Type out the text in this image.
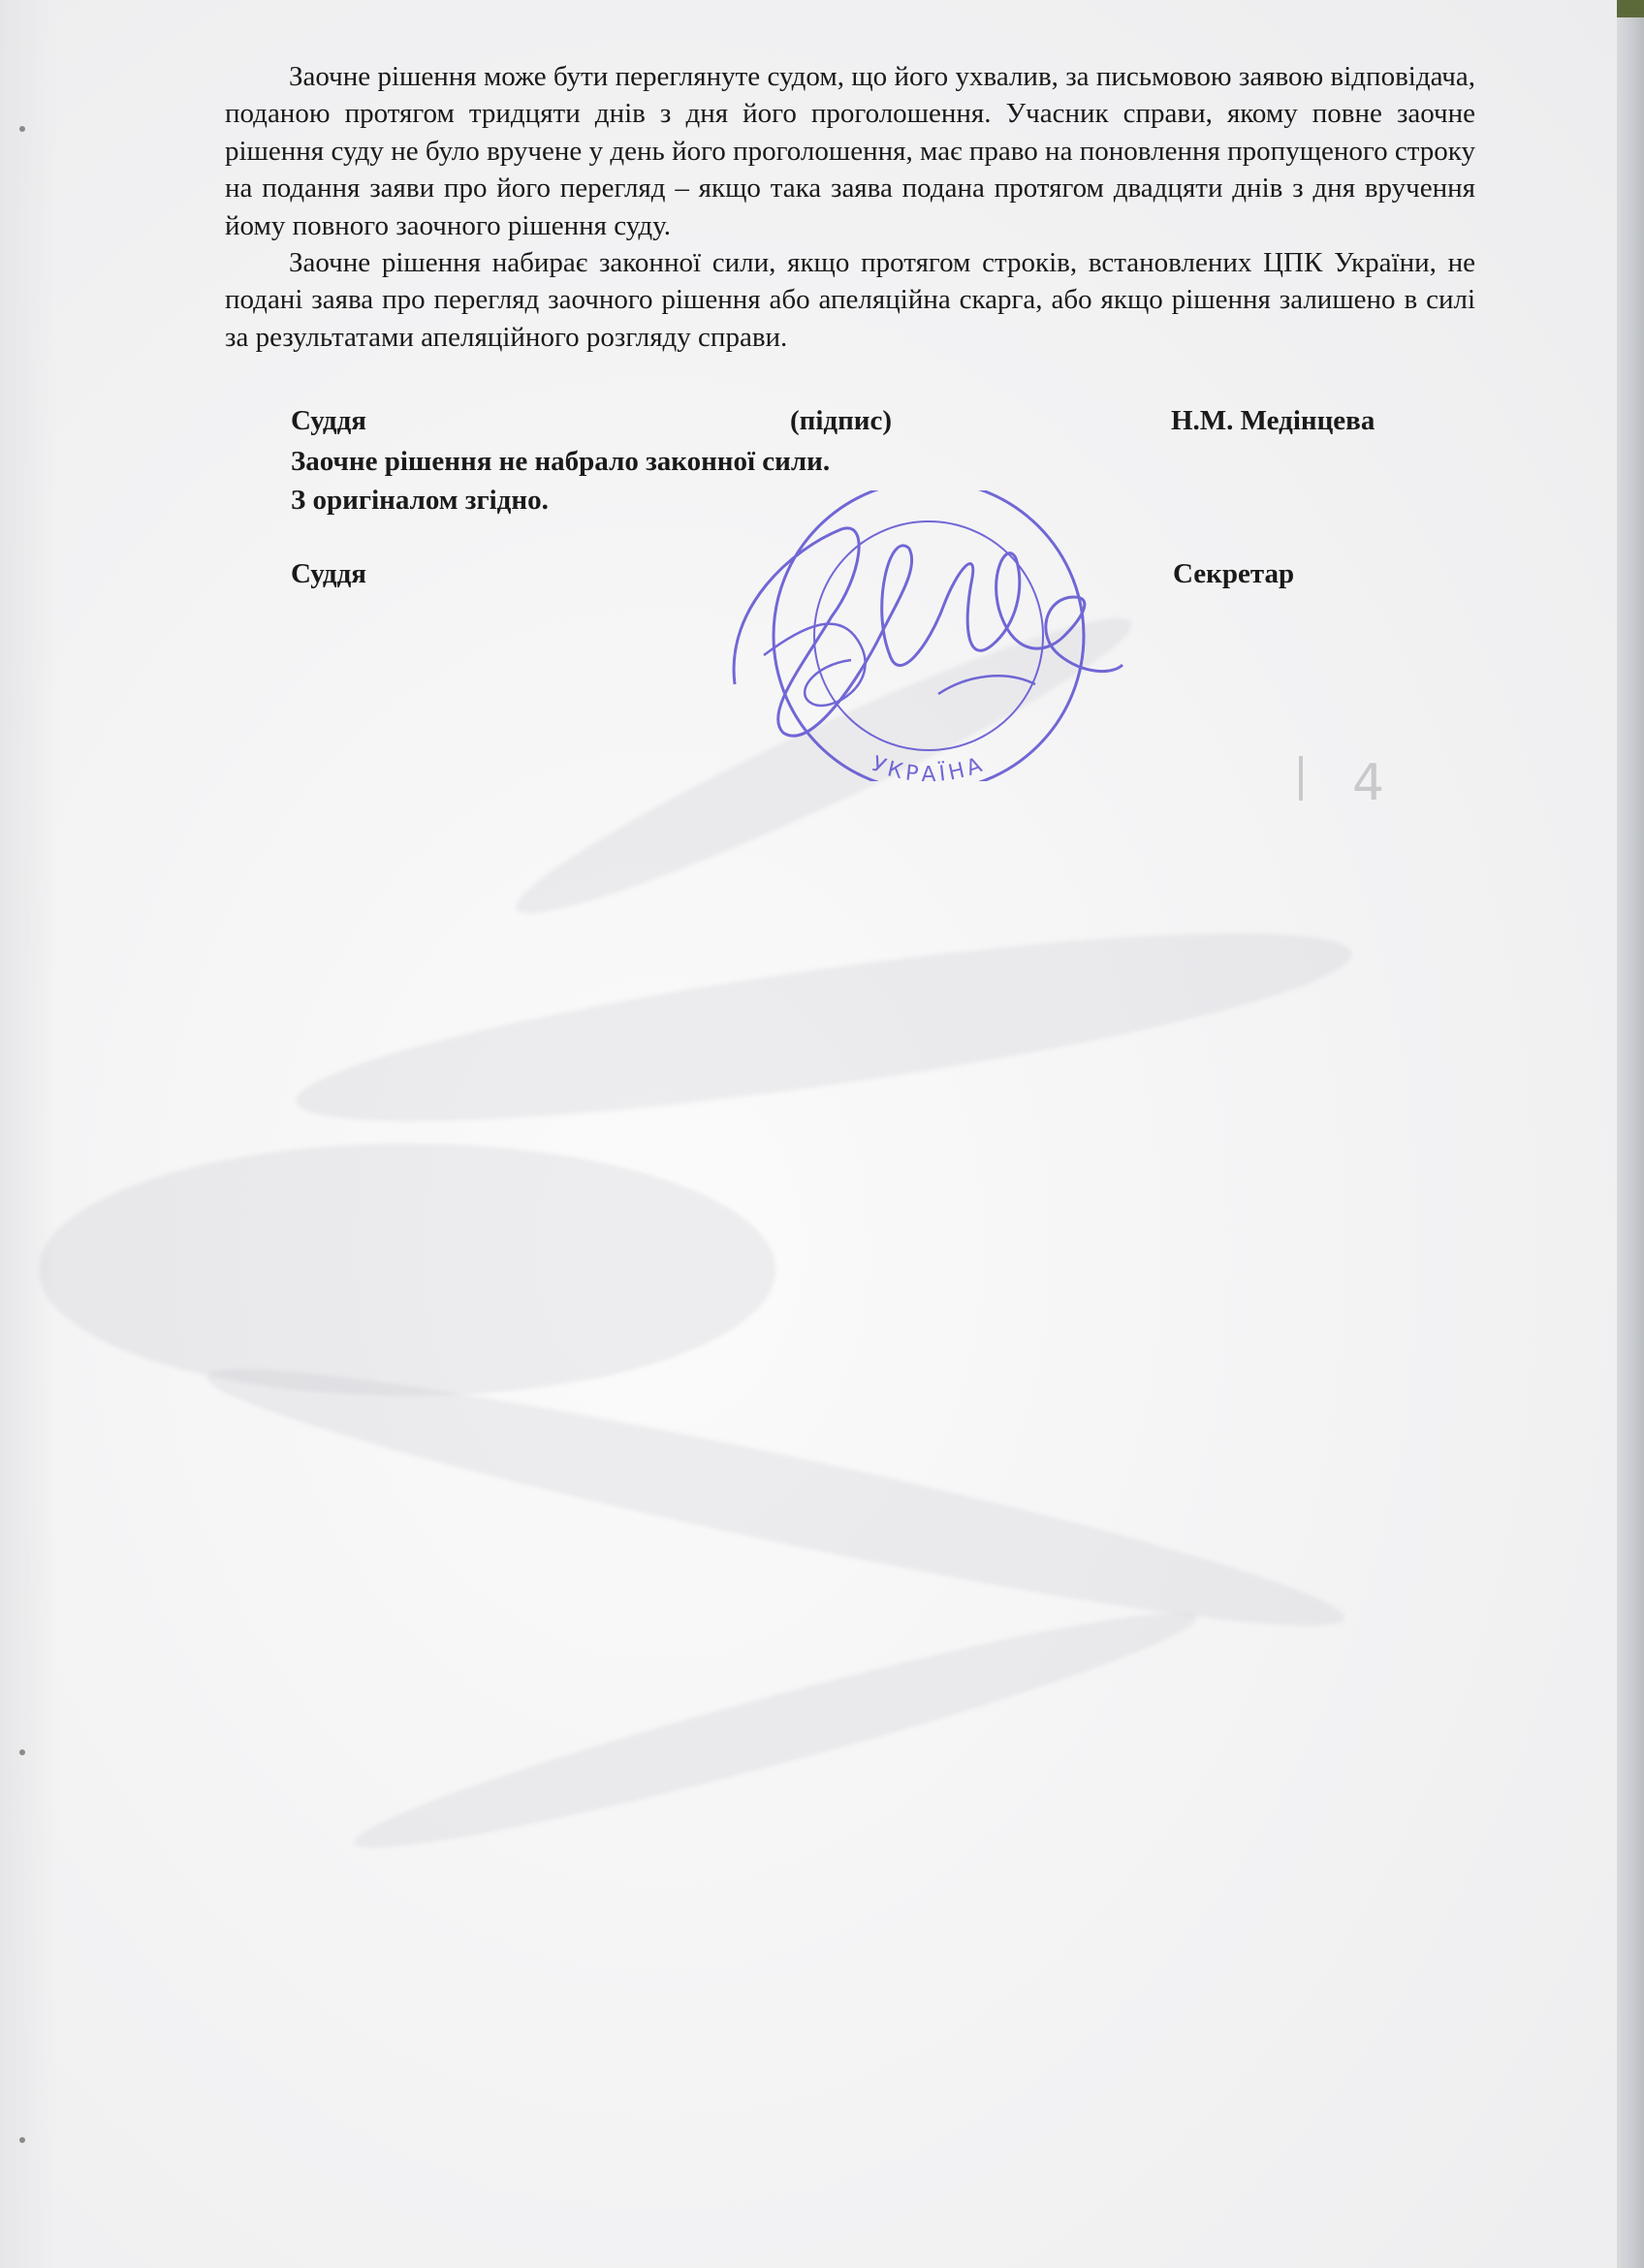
Заочне рішення може бути переглянуте судом, що його ухвалив, за письмовою заявою відповідача, поданою протягом тридцяти днів з дня його проголошення. Учасник справи, якому повне заочне рішення суду не було вручене у день його проголошення, має право на поновлення пропущеного строку на подання заяви про його перегляд – якщо така заява подана протягом двадцяти днів з дня вручення йому повного заочного рішення суду.

Заочне рішення набирає законної сили, якщо протягом строків, встановлених ЦПК України, не подані заява про перегляд заочного рішення або апеляційна скарга, або якщо рішення залишено в силі за результатами апеляційного розгляду справи.

Суддя	(підпис)	Н.М. Медінцева
Заочне рішення не набрало законної сили.
З оригіналом згідно.
Суддя	Секретар
УКРАЇНА	4
